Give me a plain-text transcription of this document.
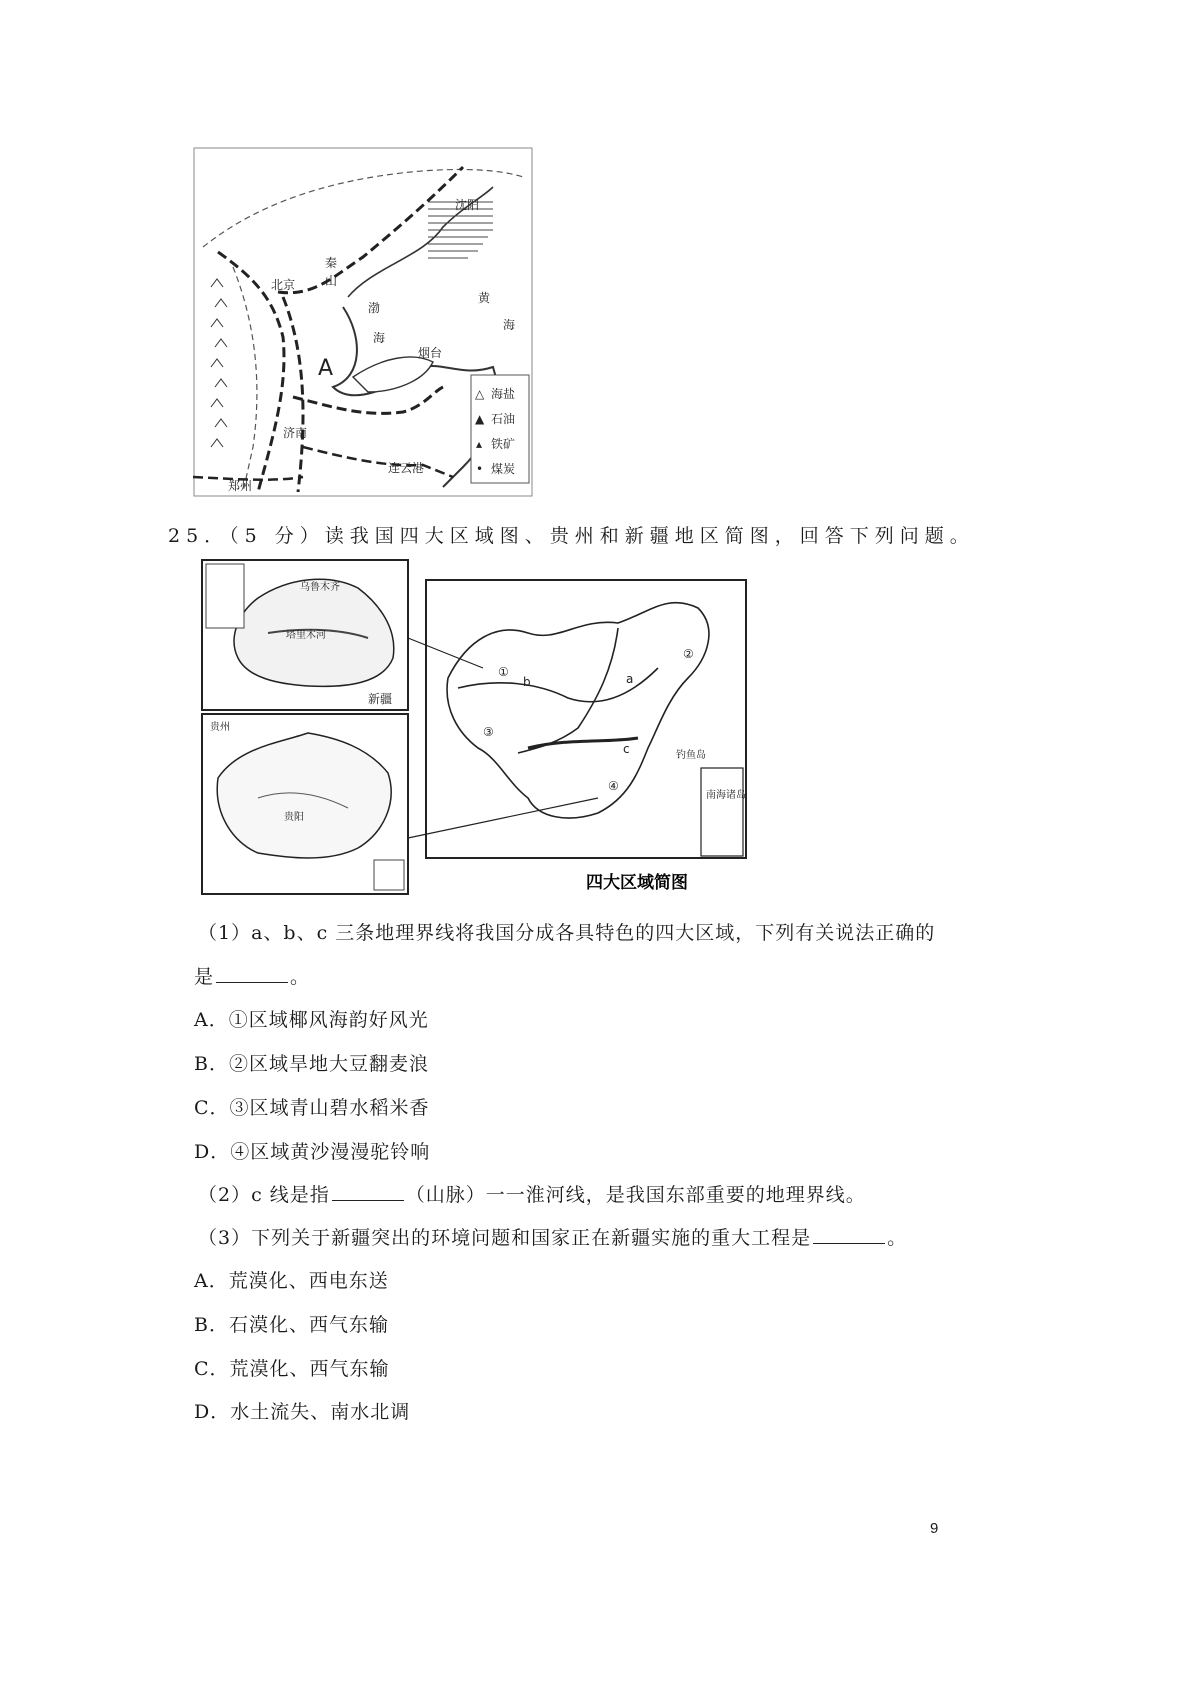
北京
秦
山
渤
海
黄
海
烟台
济南
连云港
郑州
沈阳
A
△ 海盐
▲ 石油
▴ 铁矿
• 煤炭
25．（5 分）读我国四大区域图、贵州和新疆地区简图，回答下列问题。
乌鲁木齐
塔里木河
新疆
贵州
贵阳
①
②
③
④
a
b
c	钓鱼岛
南海诸岛
四大区域简图
（1）a、b、c 三条地理界线将我国分成各具特色的四大区域，下列有关说法正确的
是	。
A．①区域椰风海韵好风光
B．②区域旱地大豆翻麦浪
C．③区域青山碧水稻米香
D．④区域黄沙漫漫驼铃响
（2）c 线是指	（山脉）一一淮河线，是我国东部重要的地理界线。
（3）下列关于新疆突出的环境问题和国家正在新疆实施的重大工程是	。
A．荒漠化、西电东送
B．石漠化、西气东输
C．荒漠化、西气东输
D．水土流失、南水北调
9
